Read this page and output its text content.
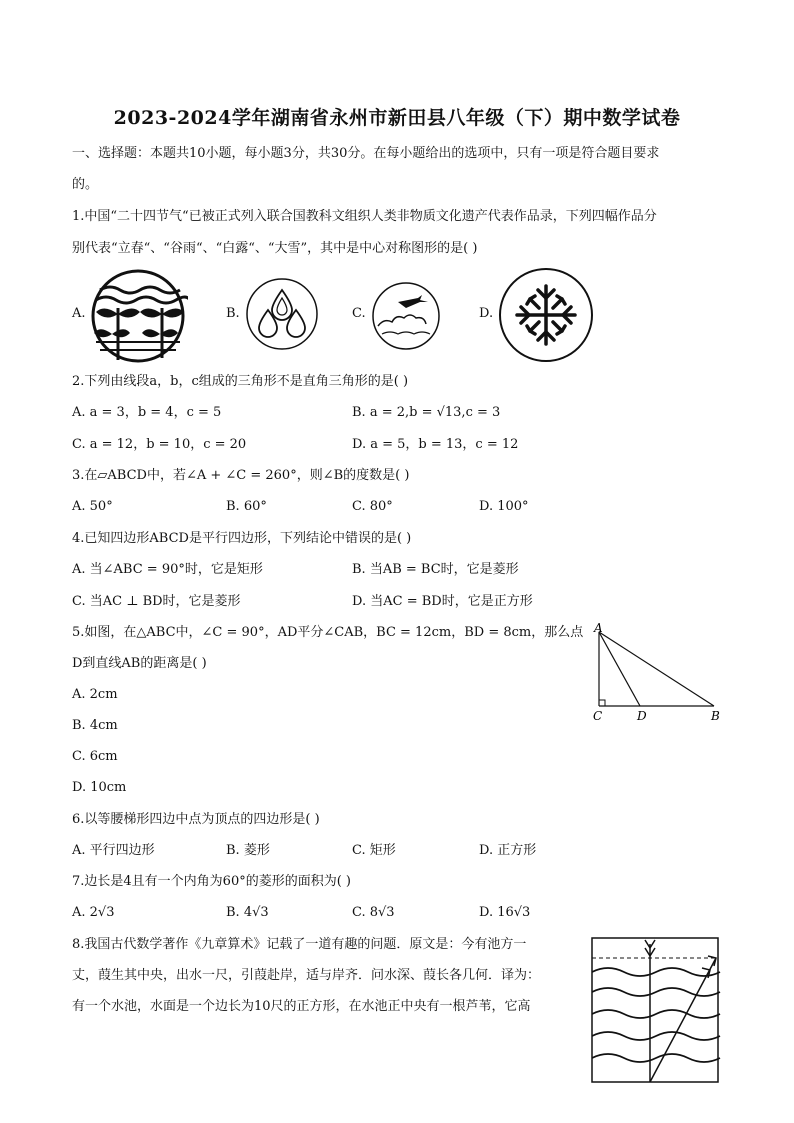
2023-2024学年湖南省永州市新田县八年级（下）期中数学试卷
一、选择题：本题共10小题，每小题3分，共30分。在每小题给出的选项中，只有一项是符合题目要求
的。
1.中国“二十四节气“已被正式列入联合国教科文组织人类非物质文化遗产代表作品录，下列四幅作品分
别代表“立春“、“谷雨“、“白露“、“大雪”，其中是中心对称图形的是( )
A.	B.	C.	D.
2.下列由线段a，b，c组成的三角形不是直角三角形的是( )
A. a = 3，b = 4，c = 5	B. a = 2,b = √13,c = 3
C. a = 12，b = 10，c = 20	D. a = 5，b = 13，c = 12
3.在▱ABCD中，若∠A + ∠C = 260°，则∠B的度数是( )
A. 50°	B. 60°	C. 80°	D. 100°
4.已知四边形ABCD是平行四边形，下列结论中错误的是( )
A. 当∠ABC = 90°时，它是矩形	B. 当AB = BC时，它是菱形
C. 当AC ⊥ BD时，它是菱形	D. 当AC = BD时，它是正方形
5.如图，在△ABC中，∠C = 90°，AD平分∠CAB，BC = 12cm，BD = 8cm，那么点
D到直线AB的距离是( )
A. 2cm
B. 4cm
C. 6cm
D. 10cm
A
C	D	B
6.以等腰梯形四边中点为顶点的四边形是( )
A. 平行四边形	B. 菱形	C. 矩形	D. 正方形
7.边长是4且有一个内角为60°的菱形的面积为( )
A. 2√3	B. 4√3	C. 8√3	D. 16√3
8.我国古代数学著作《九章算术》记载了一道有趣的问题．原文是：今有池方一
丈，葭生其中央，出水一尺，引葭赴岸，适与岸齐．问水深、葭长各几何．译为：
有一个水池，水面是一个边长为10尺的正方形，在水池正中央有一根芦苇，它高
